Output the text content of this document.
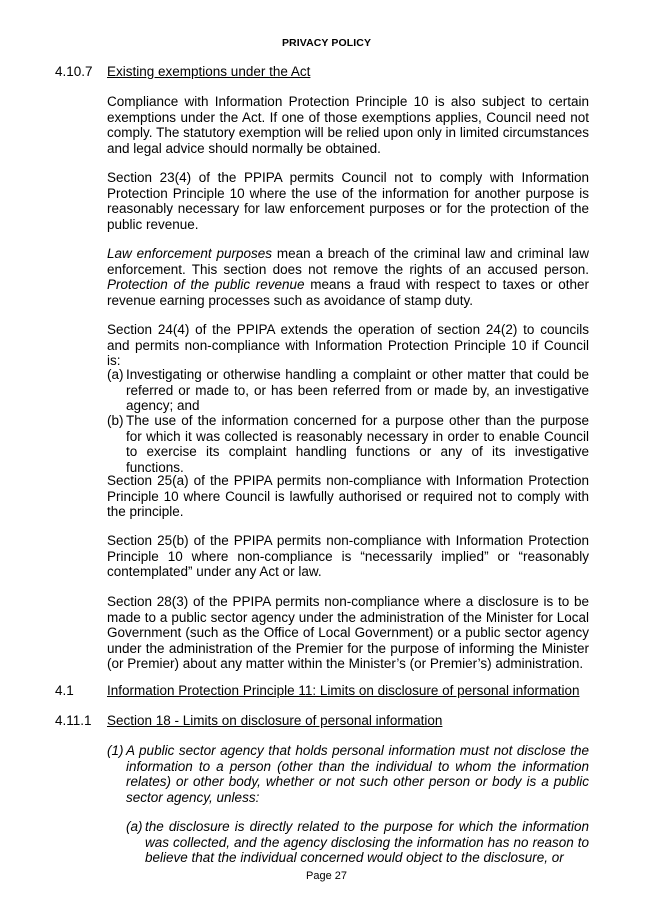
PRIVACY POLICY
4.10.7 Existing exemptions under the Act
Compliance with Information Protection Principle 10 is also subject to certain exemptions under the Act. If one of those exemptions applies, Council need not comply. The statutory exemption will be relied upon only in limited circumstances and legal advice should normally be obtained.
Section 23(4) of the PPIPA permits Council not to comply with Information Protection Principle 10 where the use of the information for another purpose is reasonably necessary for law enforcement purposes or for the protection of the public revenue.
Law enforcement purposes mean a breach of the criminal law and criminal law enforcement. This section does not remove the rights of an accused person. Protection of the public revenue means a fraud with respect to taxes or other revenue earning processes such as avoidance of stamp duty.
Section 24(4) of the PPIPA extends the operation of section 24(2) to councils and permits non-compliance with Information Protection Principle 10 if Council is:
(a) Investigating or otherwise handling a complaint or other matter that could be referred or made to, or has been referred from or made by, an investigative agency; and
(b) The use of the information concerned for a purpose other than the purpose for which it was collected is reasonably necessary in order to enable Council to exercise its complaint handling functions or any of its investigative functions.
Section 25(a) of the PPIPA permits non-compliance with Information Protection Principle 10 where Council is lawfully authorised or required not to comply with the principle.
Section 25(b) of the PPIPA permits non-compliance with Information Protection Principle 10 where non-compliance is “necessarily implied” or “reasonably contemplated” under any Act or law.
Section 28(3) of the PPIPA permits non-compliance where a disclosure is to be made to a public sector agency under the administration of the Minister for Local Government (such as the Office of Local Government) or a public sector agency under the administration of the Premier for the purpose of informing the Minister (or Premier) about any matter within the Minister’s (or Premier’s) administration.
4.1 Information Protection Principle 11: Limits on disclosure of personal information
4.11.1 Section 18 - Limits on disclosure of personal information
(1) A public sector agency that holds personal information must not disclose the information to a person (other than the individual to whom the information relates) or other body, whether or not such other person or body is a public sector agency, unless:
(a) the disclosure is directly related to the purpose for which the information was collected, and the agency disclosing the information has no reason to believe that the individual concerned would object to the disclosure, or
Page 27
